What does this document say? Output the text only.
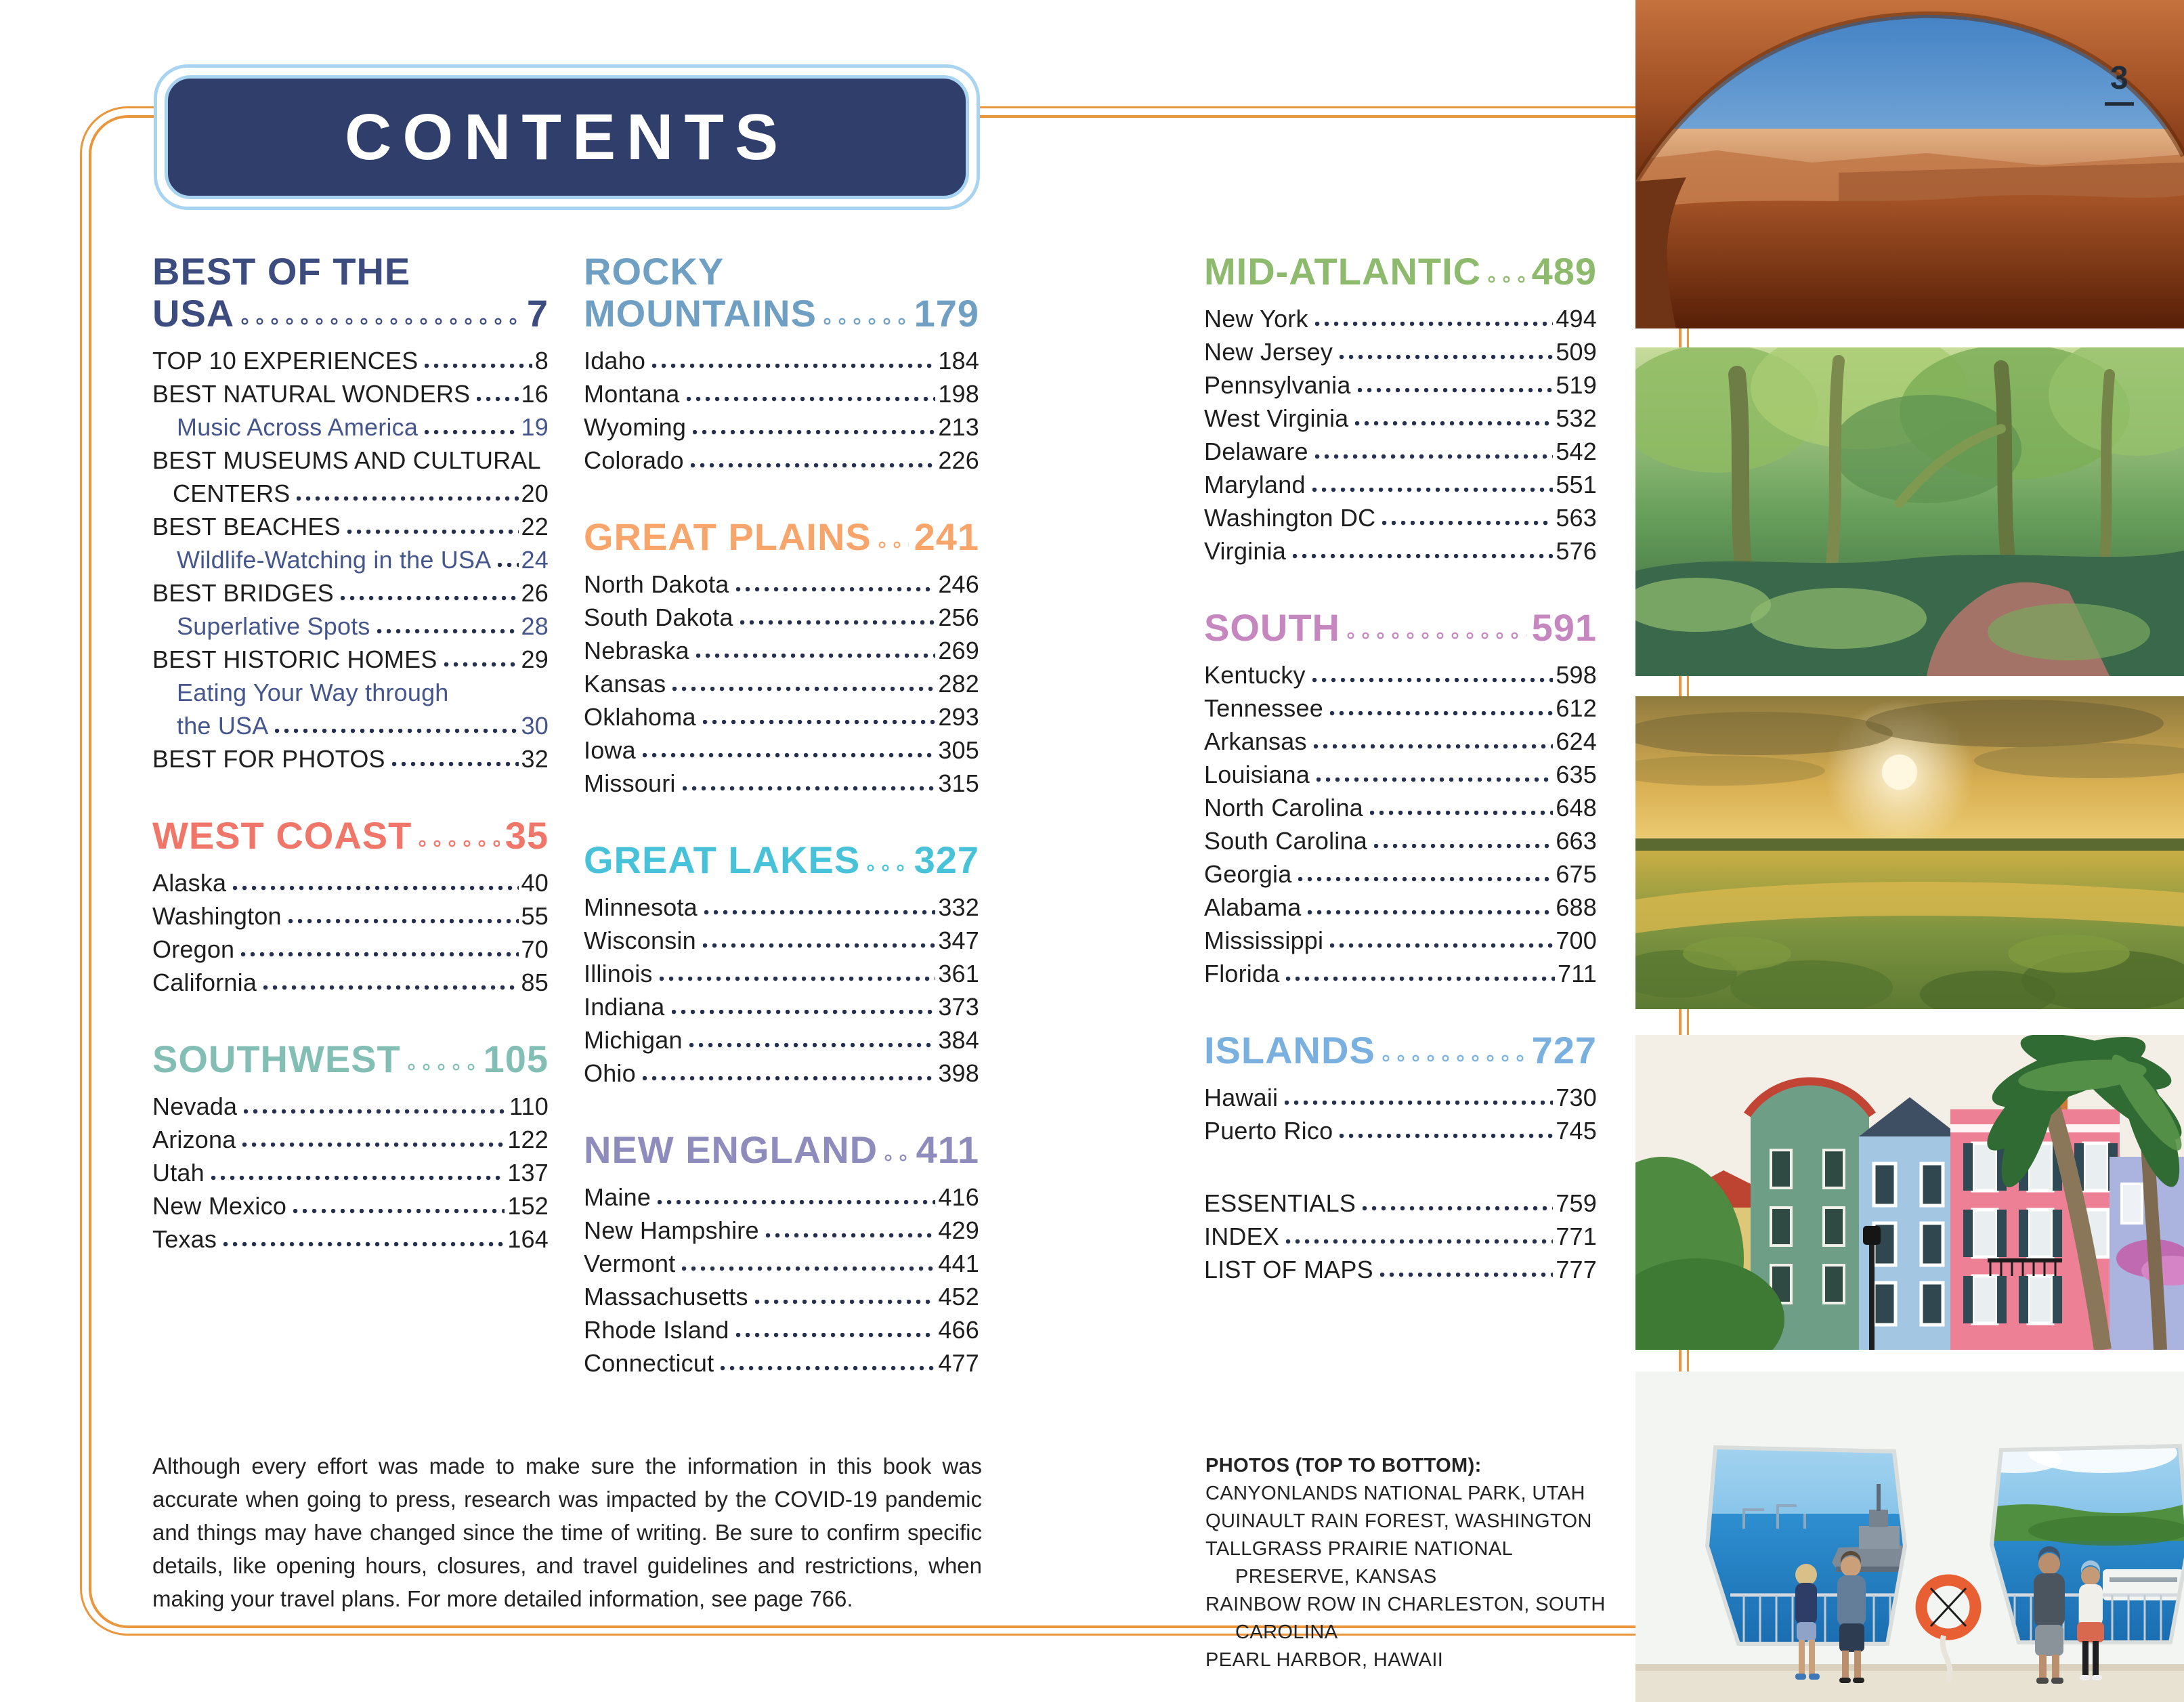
CONTENTS
BEST OF THE
USA	7
TOP 10 EXPERIENCES	8
BEST NATURAL WONDERS 16
Music Across America	19
BEST MUSEUMS AND CULTURAL
CENTERS	20
BEST BEACHES	22
Wildlife-Watching in the USA 24
BEST BRIDGES	26
Superlative Spots	28
BEST HISTORIC HOMES	29
Eating Your Way through
the USA	30
BEST FOR PHOTOS	32
WEST COAST 35
Alaska	40
Washington	55
Oregon	70
California	85
SOUTHWEST 105
Nevada	110
Arizona	122
Utah	137
New Mexico	152
Texas	164
ROCKY
MOUNTAINS	179
Idaho	184
Montana	198
Wyoming	213
Colorado	226
GREAT PLAINS 241
North Dakota	246
South Dakota	256
Nebraska	269
Kansas	282
Oklahoma	293
Iowa	305
Missouri	315
GREAT LAKES 327
Minnesota	332
Wisconsin	347
Illinois	361
Indiana	373
Michigan	384
Ohio	398
NEW ENGLAND 411
Maine	416
New Hampshire	429
Vermont	441
Massachusetts	452
Rhode Island	466
Connecticut	477
MID-ATLANTIC 489
New York	494
New Jersey	509
Pennsylvania	519
West Virginia	532
Delaware	542
Maryland	551
Washington DC	563
Virginia	576
SOUTH	591
Kentucky	598
Tennessee	612
Arkansas	624
Louisiana	635
North Carolina	648
South Carolina	663
Georgia	675
Alabama	688
Mississippi	700
Florida	711
ISLANDS	727
Hawaii	730
Puerto Rico	745
ESSENTIALS	759
INDEX	771
LIST OF MAPS	777

Although every effort was made to make sure the information in this book was accurate when going to press, research was impacted by the COVID-19 pandemic and things may have changed since the time of writing. Be sure to confirm specific details, like opening hours, closures, and travel guidelines and restrictions, when making your travel plans. For more detailed information, see page 766.

PHOTOS (TOP TO BOTTOM):
CANYONLANDS NATIONAL PARK, UTAH
QUINAULT RAIN FOREST, WASHINGTON
TALLGRASS PRAIRIE NATIONAL PRESERVE, KANSAS
RAINBOW ROW IN CHARLESTON, SOUTH CAROLINA
PEARL HARBOR, HAWAII
3
